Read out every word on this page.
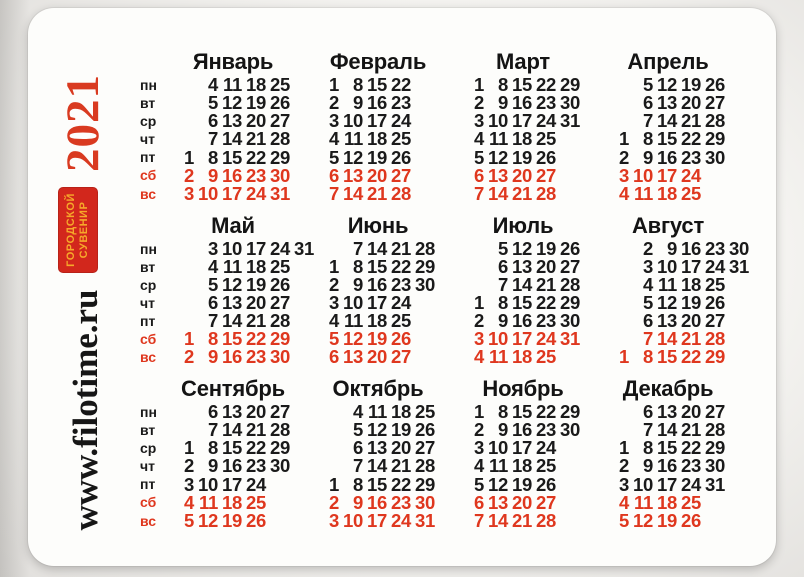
2021
ГОРОДСКОЙ СУВЕНИР
www.filotime.ru
пн
вт
ср
чт
пт
сб
вс
Январь
4 11 18 25
5 12 19 26
6 13 20 27
7 14 21 28
1 8 15 22 29
2 9 16 23 30
3 10 17 24 31
Февраль
1 8 15 22
2 9 16 23
3 10 17 24
4 11 18 25
5 12 19 26
6 13 20 27
7 14 21 28
Март
1 8 15 22 29
2 9 16 23 30
3 10 17 24 31
4 11 18 25
5 12 19 26
6 13 20 27
7 14 21 28
Апрель
5 12 19 26
6 13 20 27
7 14 21 28
1 8 15 22 29
2 9 16 23 30
3 10 17 24
4 11 18 25
пн
вт
ср
чт
пт
сб
вс
Май
3 10 17 24 31
4 11 18 25
5 12 19 26
6 13 20 27
7 14 21 28
1 8 15 22 29
2 9 16 23 30
Июнь
7 14 21 28
1 8 15 22 29
2 9 16 23 30
3 10 17 24
4 11 18 25
5 12 19 26
6 13 20 27
Июль
5 12 19 26
6 13 20 27
7 14 21 28
1 8 15 22 29
2 9 16 23 30
3 10 17 24 31
4 11 18 25
Август
2 9 16 23 30
3 10 17 24 31
4 11 18 25
5 12 19 26
6 13 20 27
7 14 21 28
1 8 15 22 29
пн
вт
ср
чт
пт
сб
вс
Сентябрь
6 13 20 27
7 14 21 28
1 8 15 22 29
2 9 16 23 30
3 10 17 24
4 11 18 25
5 12 19 26
Октябрь
4 11 18 25
5 12 19 26
6 13 20 27
7 14 21 28
1 8 15 22 29
2 9 16 23 30
3 10 17 24 31
Ноябрь
1 8 15 22 29
2 9 16 23 30
3 10 17 24
4 11 18 25
5 12 19 26
6 13 20 27
7 14 21 28
Декабрь
6 13 20 27
7 14 21 28
1 8 15 22 29
2 9 16 23 30
3 10 17 24 31
4 11 18 25
5 12 19 26
